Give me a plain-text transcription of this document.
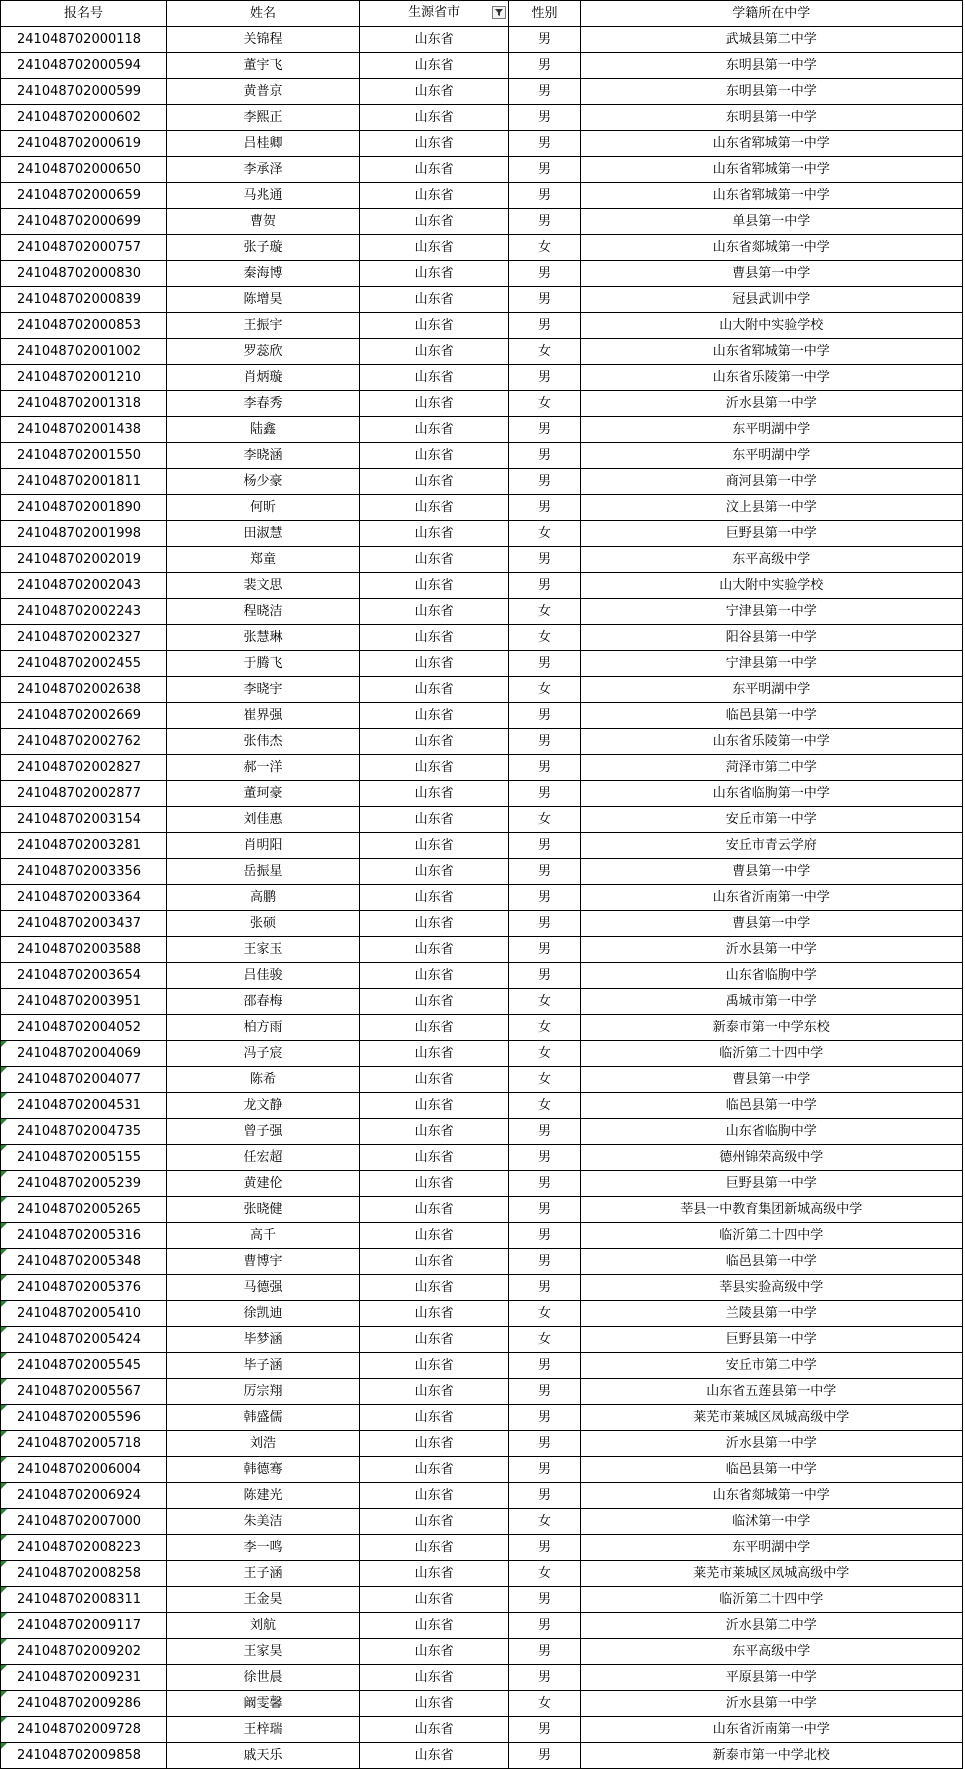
报名号	姓名	生源省市	性别	学籍所在中学
241048702000118	关锦程	山东省	男	武城县第二中学
241048702000594	董宇飞	山东省	男	东明县第一中学
241048702000599	黄普京	山东省	男	东明县第一中学
241048702000602	李熙正	山东省	男	东明县第一中学
241048702000619	吕桂卿	山东省	男	山东省郓城第一中学
241048702000650	李承泽	山东省	男	山东省郓城第一中学
241048702000659	马兆通	山东省	男	山东省郓城第一中学
241048702000699	曹贺	山东省	男	单县第一中学
241048702000757	张子璇	山东省	女	山东省郯城第一中学
241048702000830	秦海博	山东省	男	曹县第一中学
241048702000839	陈增昊	山东省	男	冠县武训中学
241048702000853	王振宇	山东省	男	山大附中实验学校
241048702001002	罗蕊欣	山东省	女	山东省郓城第一中学
241048702001210	肖炳璇	山东省	男	山东省乐陵第一中学
241048702001318	李春秀	山东省	女	沂水县第一中学
241048702001438	陆鑫	山东省	男	东平明湖中学
241048702001550	李晓涵	山东省	男	东平明湖中学
241048702001811	杨少豪	山东省	男	商河县第一中学
241048702001890	何昕	山东省	男	汶上县第一中学
241048702001998	田淑慧	山东省	女	巨野县第一中学
241048702002019	郑童	山东省	男	东平高级中学
241048702002043	裴文思	山东省	男	山大附中实验学校
241048702002243	程晓洁	山东省	女	宁津县第一中学
241048702002327	张慧琳	山东省	女	阳谷县第一中学
241048702002455	于腾飞	山东省	男	宁津县第一中学
241048702002638	李晓宇	山东省	女	东平明湖中学
241048702002669	崔界强	山东省	男	临邑县第一中学
241048702002762	张伟杰	山东省	男	山东省乐陵第一中学
241048702002827	郝一洋	山东省	男	菏泽市第二中学
241048702002877	董珂豪	山东省	男	山东省临朐第一中学
241048702003154	刘佳惠	山东省	女	安丘市第一中学
241048702003281	肖明阳	山东省	男	安丘市青云学府
241048702003356	岳振星	山东省	男	曹县第一中学
241048702003364	高鹏	山东省	男	山东省沂南第一中学
241048702003437	张硕	山东省	男	曹县第一中学
241048702003588	王家玉	山东省	男	沂水县第一中学
241048702003654	吕佳骏	山东省	男	山东省临朐中学
241048702003951	邵春梅	山东省	女	禹城市第一中学
241048702004052	柏方雨	山东省	女	新泰市第一中学东校

241048702004069	冯子宸	山东省	女	临沂第二十四中学

241048702004077	陈希	山东省	女	曹县第一中学

241048702004531	龙文静	山东省	女	临邑县第一中学

241048702004735	曾子强	山东省	男	山东省临朐中学

241048702005155	任宏超	山东省	男	德州锦荣高级中学

241048702005239	黄建伦	山东省	男	巨野县第一中学

241048702005265	张晓健	山东省	男	莘县一中教育集团新城高级中学

241048702005316	高千	山东省	男	临沂第二十四中学

241048702005348	曹博宇	山东省	男	临邑县第一中学

241048702005376	马德强	山东省	男	莘县实验高级中学

241048702005410	徐凯迪	山东省	女	兰陵县第一中学

241048702005424	毕梦涵	山东省	女	巨野县第一中学

241048702005545	毕子涵	山东省	男	安丘市第二中学

241048702005567	厉宗翔	山东省	男	山东省五莲县第一中学

241048702005596	韩盛儒	山东省	男	莱芜市莱城区凤城高级中学

241048702005718	刘浩	山东省	男	沂水县第一中学

241048702006004	韩德骞	山东省	男	临邑县第一中学

241048702006924	陈建光	山东省	男	山东省郯城第一中学

241048702007000	朱美洁	山东省	女	临沭第一中学

241048702008223	李一鸣	山东省	男	东平明湖中学

241048702008258	王子涵	山东省	女	莱芜市莱城区凤城高级中学

241048702008311	王金昊	山东省	男	临沂第二十四中学

241048702009117	刘航	山东省	男	沂水县第二中学

241048702009202	王家昊	山东省	男	东平高级中学

241048702009231	徐世晨	山东省	男	平原县第一中学

241048702009286	阚雯馨	山东省	女	沂水县第一中学

241048702009728	王梓瑞	山东省	男	山东省沂南第一中学

241048702009858	戚天乐	山东省	男	新泰市第一中学北校
